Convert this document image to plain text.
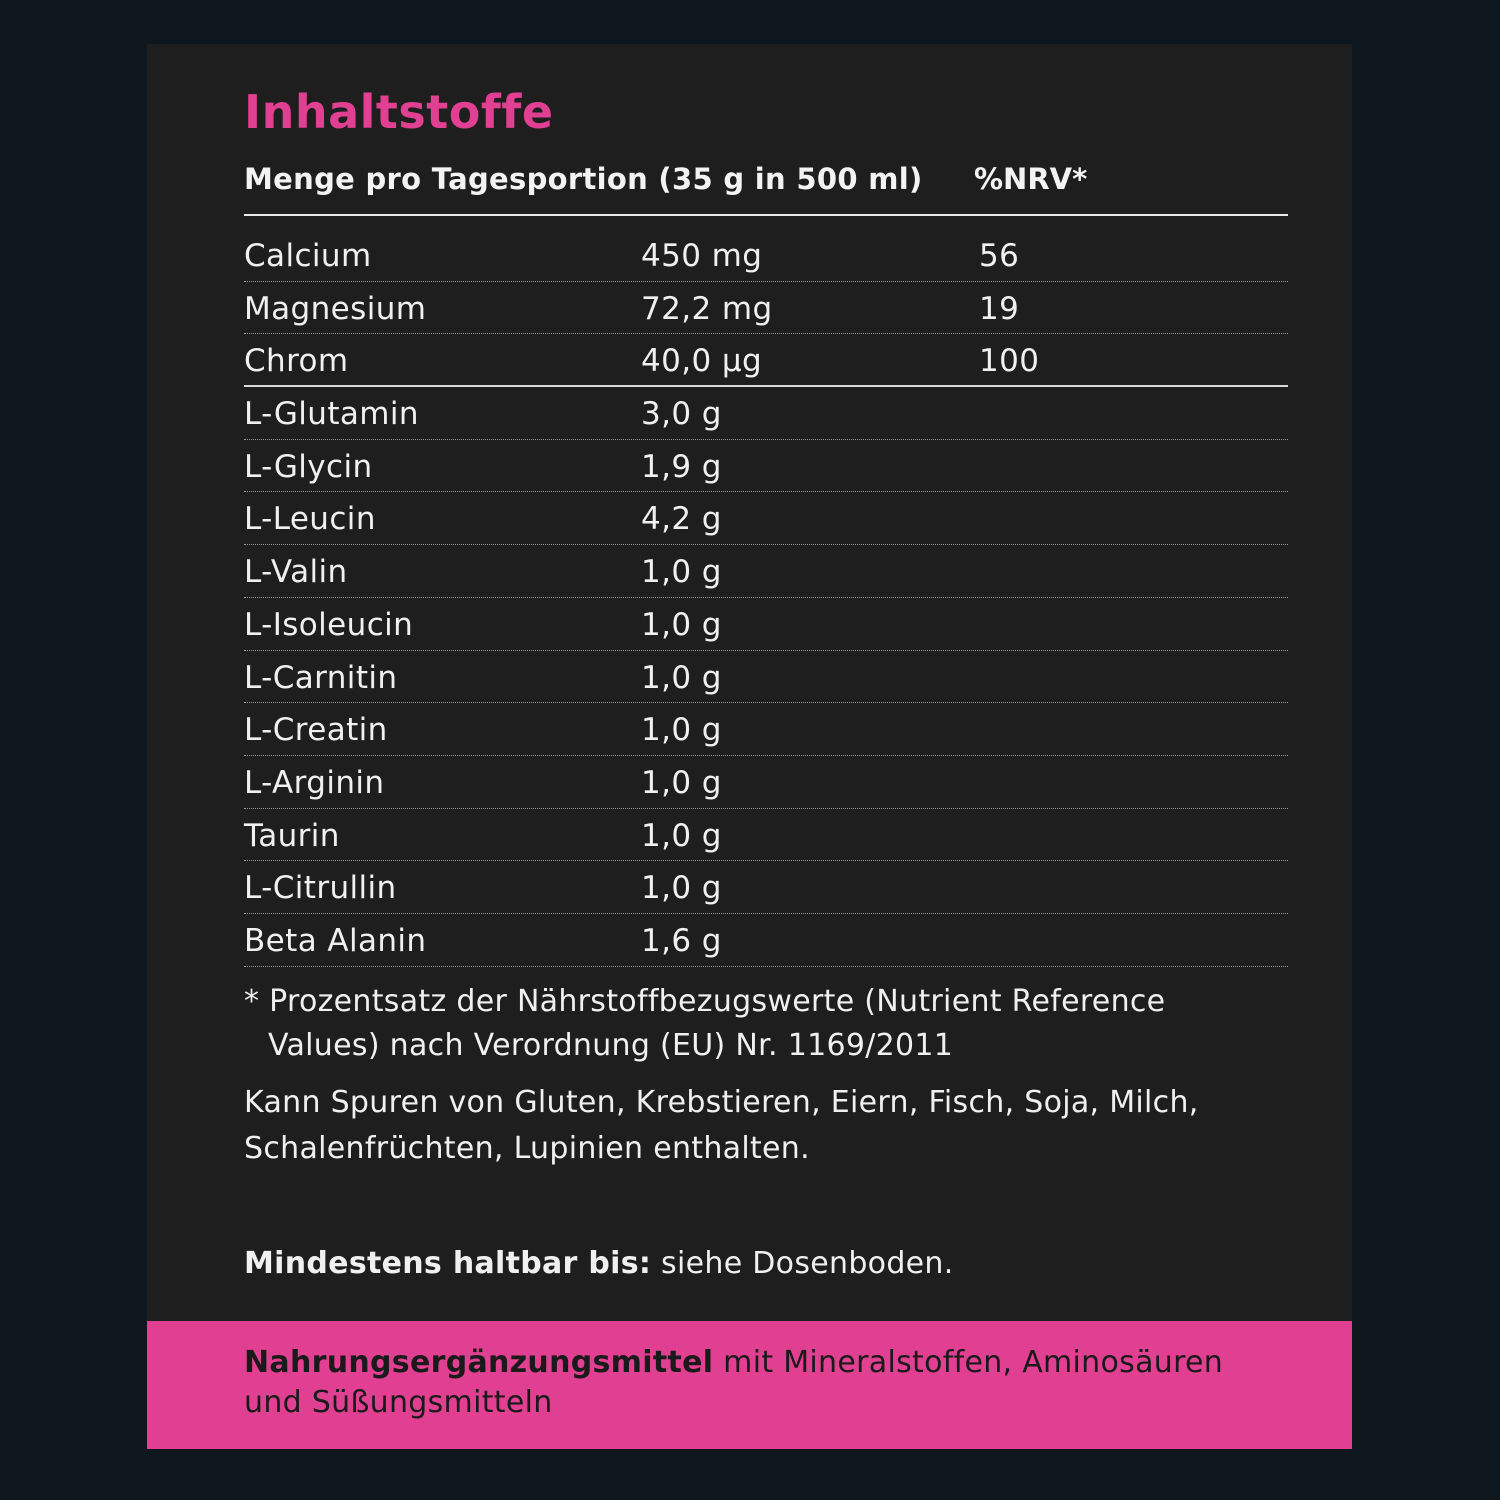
Inhaltstoffe
Menge pro Tagesportion (35 g in 500 ml) %NRV*
Calcium	450 mg	56
Magnesium	72,2 mg	19
Chrom	40,0 µg	100
L-Glutamin	3,0 g
L-Glycin	1,9 g
L-Leucin	4,2 g
L-Valin	1,0 g
L-Isoleucin	1,0 g
L-Carnitin	1,0 g
L-Creatin	1,0 g
L-Arginin	1,0 g
Taurin	1,0 g
L-Citrullin	1,0 g
Beta Alanin	1,6 g
* Prozentsatz der Nährstoffbezugswerte (Nutrient Reference
Values) nach Verordnung (EU) Nr. 1169/2011
Kann Spuren von Gluten, Krebstieren, Eiern, Fisch, Soja, Milch,
Schalenfrüchten, Lupinien enthalten.
Mindestens haltbar bis: siehe Dosenboden.
Nahrungsergänzungsmittel mit Mineralstoffen, Aminosäuren
und Süßungsmitteln
